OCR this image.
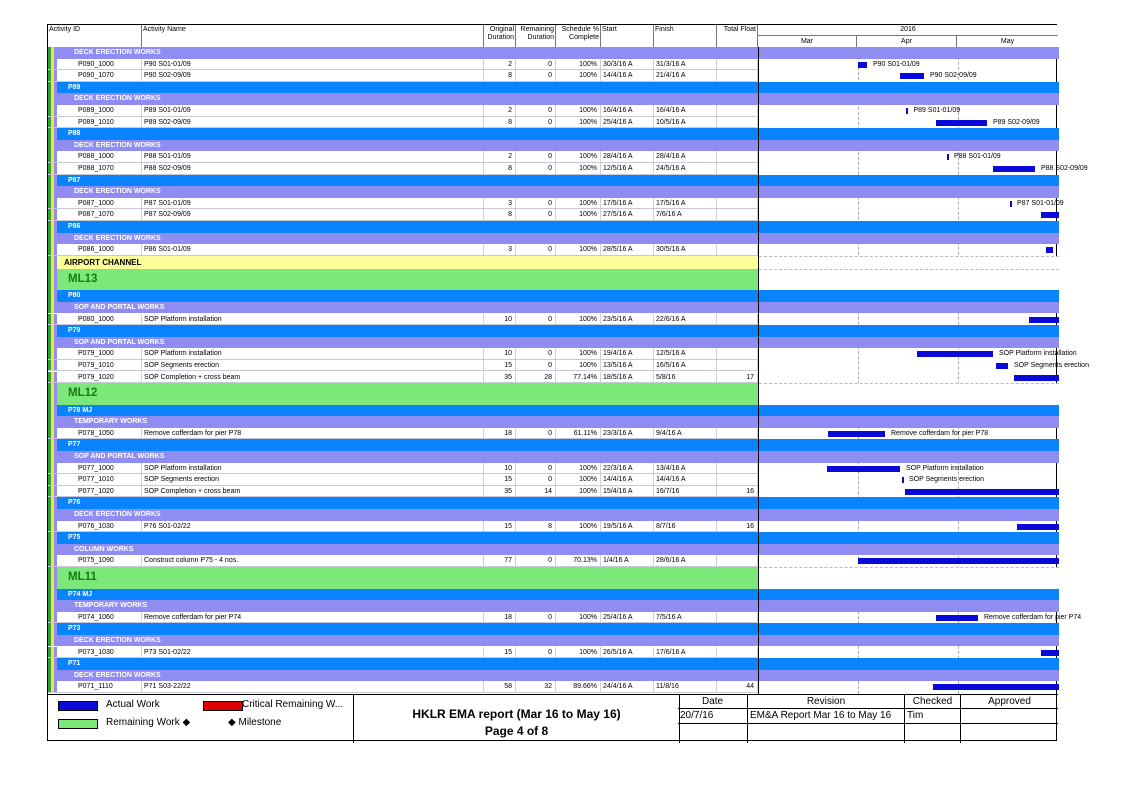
Activity ID	Activity Name	Original
Duration
Remaining
Duration
Schedule %
Complete
Start	Finish	Total Float	2016
Mar	Apr	May
DECK ERECTION WORKS
P090_1000	P90 S01-01/09	2	0	100% 30/3/16 A	31/3/16 A
P090_1070	P90 S02-09/09	8	0	100% 14/4/16 A	21/4/16 A
P89
DECK ERECTION WORKS
P089_1000	P89 S01-01/09	2	0	100% 16/4/16 A	16/4/16 A
P089_1010	P89 S02-09/09	8	0	100% 25/4/16 A	10/5/16 A
P88
DECK ERECTION WORKS
P088_1000	P88 S01-01/09	2	0	100% 28/4/16 A	28/4/16 A
P088_1070	P88 S02-09/09	8	0	100% 12/5/16 A	24/5/16 A
P87
DECK ERECTION WORKS
P087_1000	P87 S01-01/09	3	0	100% 17/5/16 A	17/5/16 A
P087_1070	P87 S02-09/09	8	0	100% 27/5/16 A	7/6/16 A
P86
DECK ERECTION WORKS
P086_1000	P86 S01-01/09	3	0	100% 28/5/16 A	30/5/16 A
AIRPORT CHANNEL
ML13
P80
SOP AND PORTAL WORKS
P080_1000	SOP Platform installation	10	0	100% 23/5/16 A	22/6/16 A
P79
SOP AND PORTAL WORKS
P079_1000	SOP Platform installation	10	0	100% 19/4/16 A	12/5/16 A
P079_1010	SOP Segments erection	15	0	100% 13/5/16 A	16/5/16 A
P079_1020	SOP Completion + cross beam	35	28	77.14% 18/5/16 A	5/8/16	17
ML12
P78 MJ
TEMPORARY WORKS
P078_1050	Remove cofferdam for pier P78	18	0	61.11% 23/3/16 A	9/4/16 A
P77
SOP AND PORTAL WORKS
P077_1000	SOP Platform installation	10	0	100% 22/3/16 A	13/4/16 A
P077_1010	SOP Segments erection	15	0	100% 14/4/16 A	14/4/16 A
P077_1020	SOP Completion + cross beam	35	14	100% 15/4/16 A	16/7/16	16
P76
DECK ERECTION WORKS
P076_1030	P76 S01-02/22	15	8	100% 19/5/16 A	8/7/16	16
P75
COLUMN WORKS
P075_1090	Construct column P75 - 4 nos.	77	0	70.13% 1/4/16 A	28/6/16 A
ML11
P74 MJ
TEMPORARY WORKS
P074_1060	Remove cofferdam for pier P74	18	0	100% 25/4/16 A	7/5/16 A
P73
DECK ERECTION WORKS
P073_1030	P73 S01-02/22	15	0	100% 26/5/16 A	17/6/16 A
P71
DECK ERECTION WORKS
P071_1110	P71 S03-22/22	58	32	89.66% 24/4/16 A	11/8/16	44
P90 S01-01/09
P90 S02-09/09
P89 S01-01/09
P89 S02-09/09
P88 S01-01/09
P88 S02-09/09
P87 S01-01/09
SOP Platform installation
SOP Segments erection
Remove cofferdam for pier P78
SOP Platform installation
SOP Segments erection
Remove cofferdam for pier P74
Actual Work
Remaining Work ◆
Critical Remaining W...
◆ Milestone
HKLR EMA report (Mar 16 to May 16)
Page 4 of 8
Date	Revision	Checked	Approved
20/7/16	EM&A Report Mar 16 to May 16	Tim
